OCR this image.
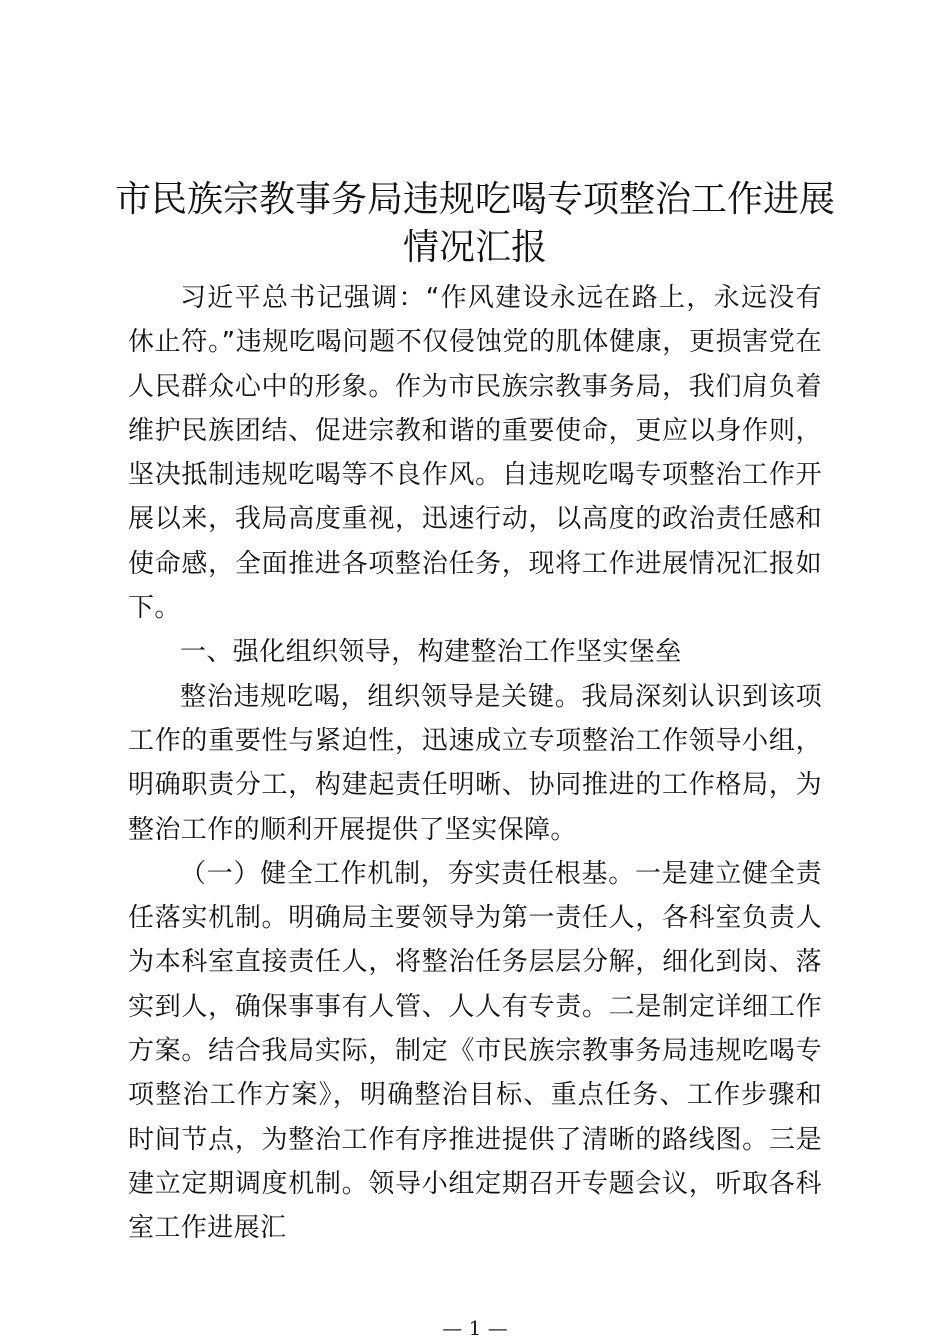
市民族宗教事务局违规吃喝专项整治工作进展
情况汇报

习近平总书记强调：“作风建设永远在路上，永远没有休止符。”违规吃喝问题不仅侵蚀党的肌体健康，更损害党在人民群众心中的形象。作为市民族宗教事务局，我们肩负着维护民族团结、促进宗教和谐的重要使命，更应以身作则，坚决抵制违规吃喝等不良作风。自违规吃喝专项整治工作开展以来，我局高度重视，迅速行动，以高度的政治责任感和使命感，全面推进各项整治任务，现将工作进展情况汇报如下。

一、强化组织领导，构建整治工作坚实堡垒

整治违规吃喝，组织领导是关键。我局深刻认识到该项工作的重要性与紧迫性，迅速成立专项整治工作领导小组，明确职责分工，构建起责任明晰、协同推进的工作格局，为整治工作的顺利开展提供了坚实保障。

（一）健全工作机制，夯实责任根基。一是建立健全责任落实机制。明确局主要领导为第一责任人，各科室负责人为本科室直接责任人，将整治任务层层分解，细化到岗、落实到人，确保事事有人管、人人有专责。二是制定详细工作方案。结合我局实际，制定《市民族宗教事务局违规吃喝专项整治工作方案》，明确整治目标、重点任务、工作步骤和时间节点，为整治工作有序推进提供了清晰的路线图。三是建立定期调度机制。领导小组定期召开专题会议，听取各科室工作进展汇

— 1 —
